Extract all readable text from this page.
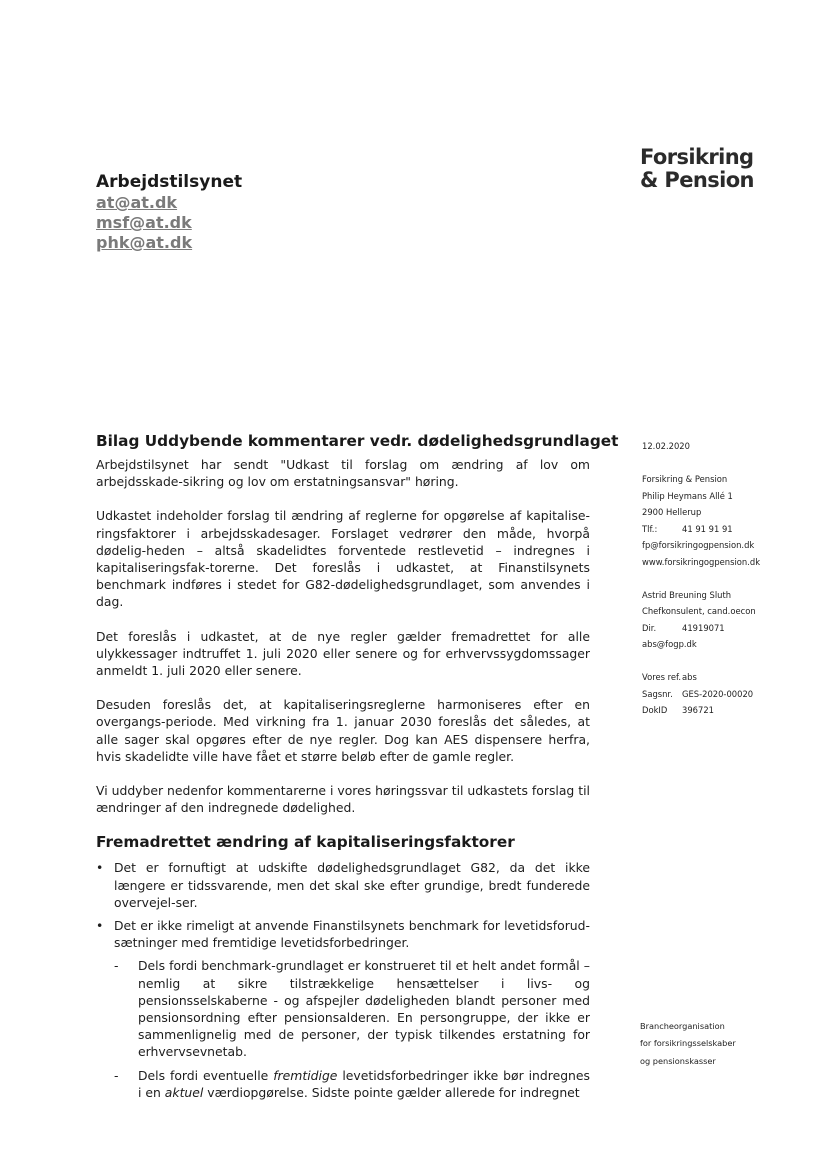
Forsikring
& Pension
Arbejdstilsynet
at@at.dk
msf@at.dk
phk@at.dk
Bilag Uddybende kommentarer vedr. dødelighedsgrundlaget

Arbejdstilsynet har sendt "Udkast til forslag om ændring af lov om arbejdsskade-sikring og lov om erstatningsansvar" høring.

Udkastet indeholder forslag til ændring af reglerne for opgørelse af kapitalise-ringsfaktorer i arbejdsskadesager. Forslaget vedrører den måde, hvorpå dødelig-heden – altså skadelidtes forventede restlevetid – indregnes i kapitaliseringsfak-torerne. Det foreslås i udkastet, at Finanstilsynets benchmark indføres i stedet for G82-dødelighedsgrundlaget, som anvendes i dag.

Det foreslås i udkastet, at de nye regler gælder fremadrettet for alle ulykkessager indtruffet 1. juli 2020 eller senere og for erhvervssygdomssager anmeldt 1. juli 2020 eller senere.

Desuden foreslås det, at kapitaliseringsreglerne harmoniseres efter en overgangs-periode. Med virkning fra 1. januar 2030 foreslås det således, at alle sager skal opgøres efter de nye regler. Dog kan AES dispensere herfra, hvis skadelidte ville have fået et større beløb efter de gamle regler.

Vi uddyber nedenfor kommentarerne i vores høringssvar til udkastets forslag til ændringer af den indregnede dødelighed.

Fremadrettet ændring af kapitaliseringsfaktorer
• Det er fornuftigt at udskifte dødelighedsgrundlaget G82, da det ikke længere er tidssvarende, men det skal ske efter grundige, bredt funderede overvejel-ser.
• Det er ikke rimeligt at anvende Finanstilsynets benchmark for levetidsforud-sætninger med fremtidige levetidsforbedringer.
- Dels fordi benchmark-grundlaget er konstrueret til et helt andet formål – nemlig at sikre tilstrækkelige hensættelser i livs- og pensionsselskaberne - og afspejler dødeligheden blandt personer med pensionsordning efter pensionsalderen. En persongruppe, der ikke er sammenlignelig med de personer, der typisk tilkendes erstatning for erhvervsevnetab.
- Dels fordi eventuelle fremtidige levetidsforbedringer ikke bør indregnes i en aktuel værdiopgørelse. Sidste pointe gælder allerede for indregnet
12.02.2020
Forsikring & Pension
Philip Heymans Allé 1
2900 Hellerup
Tlf.:	41 91 91 91
fp@forsikringogpension.dk
www.forsikringogpension.dk
Astrid Breuning Sluth
Chefkonsulent, cand.oecon
Dir.	41919071
abs@fogp.dk
Vores ref.abs
Sagsnr. GES-2020-00020
DokID 396721
Brancheorganisation
for forsikringsselskaber
og pensionskasser
